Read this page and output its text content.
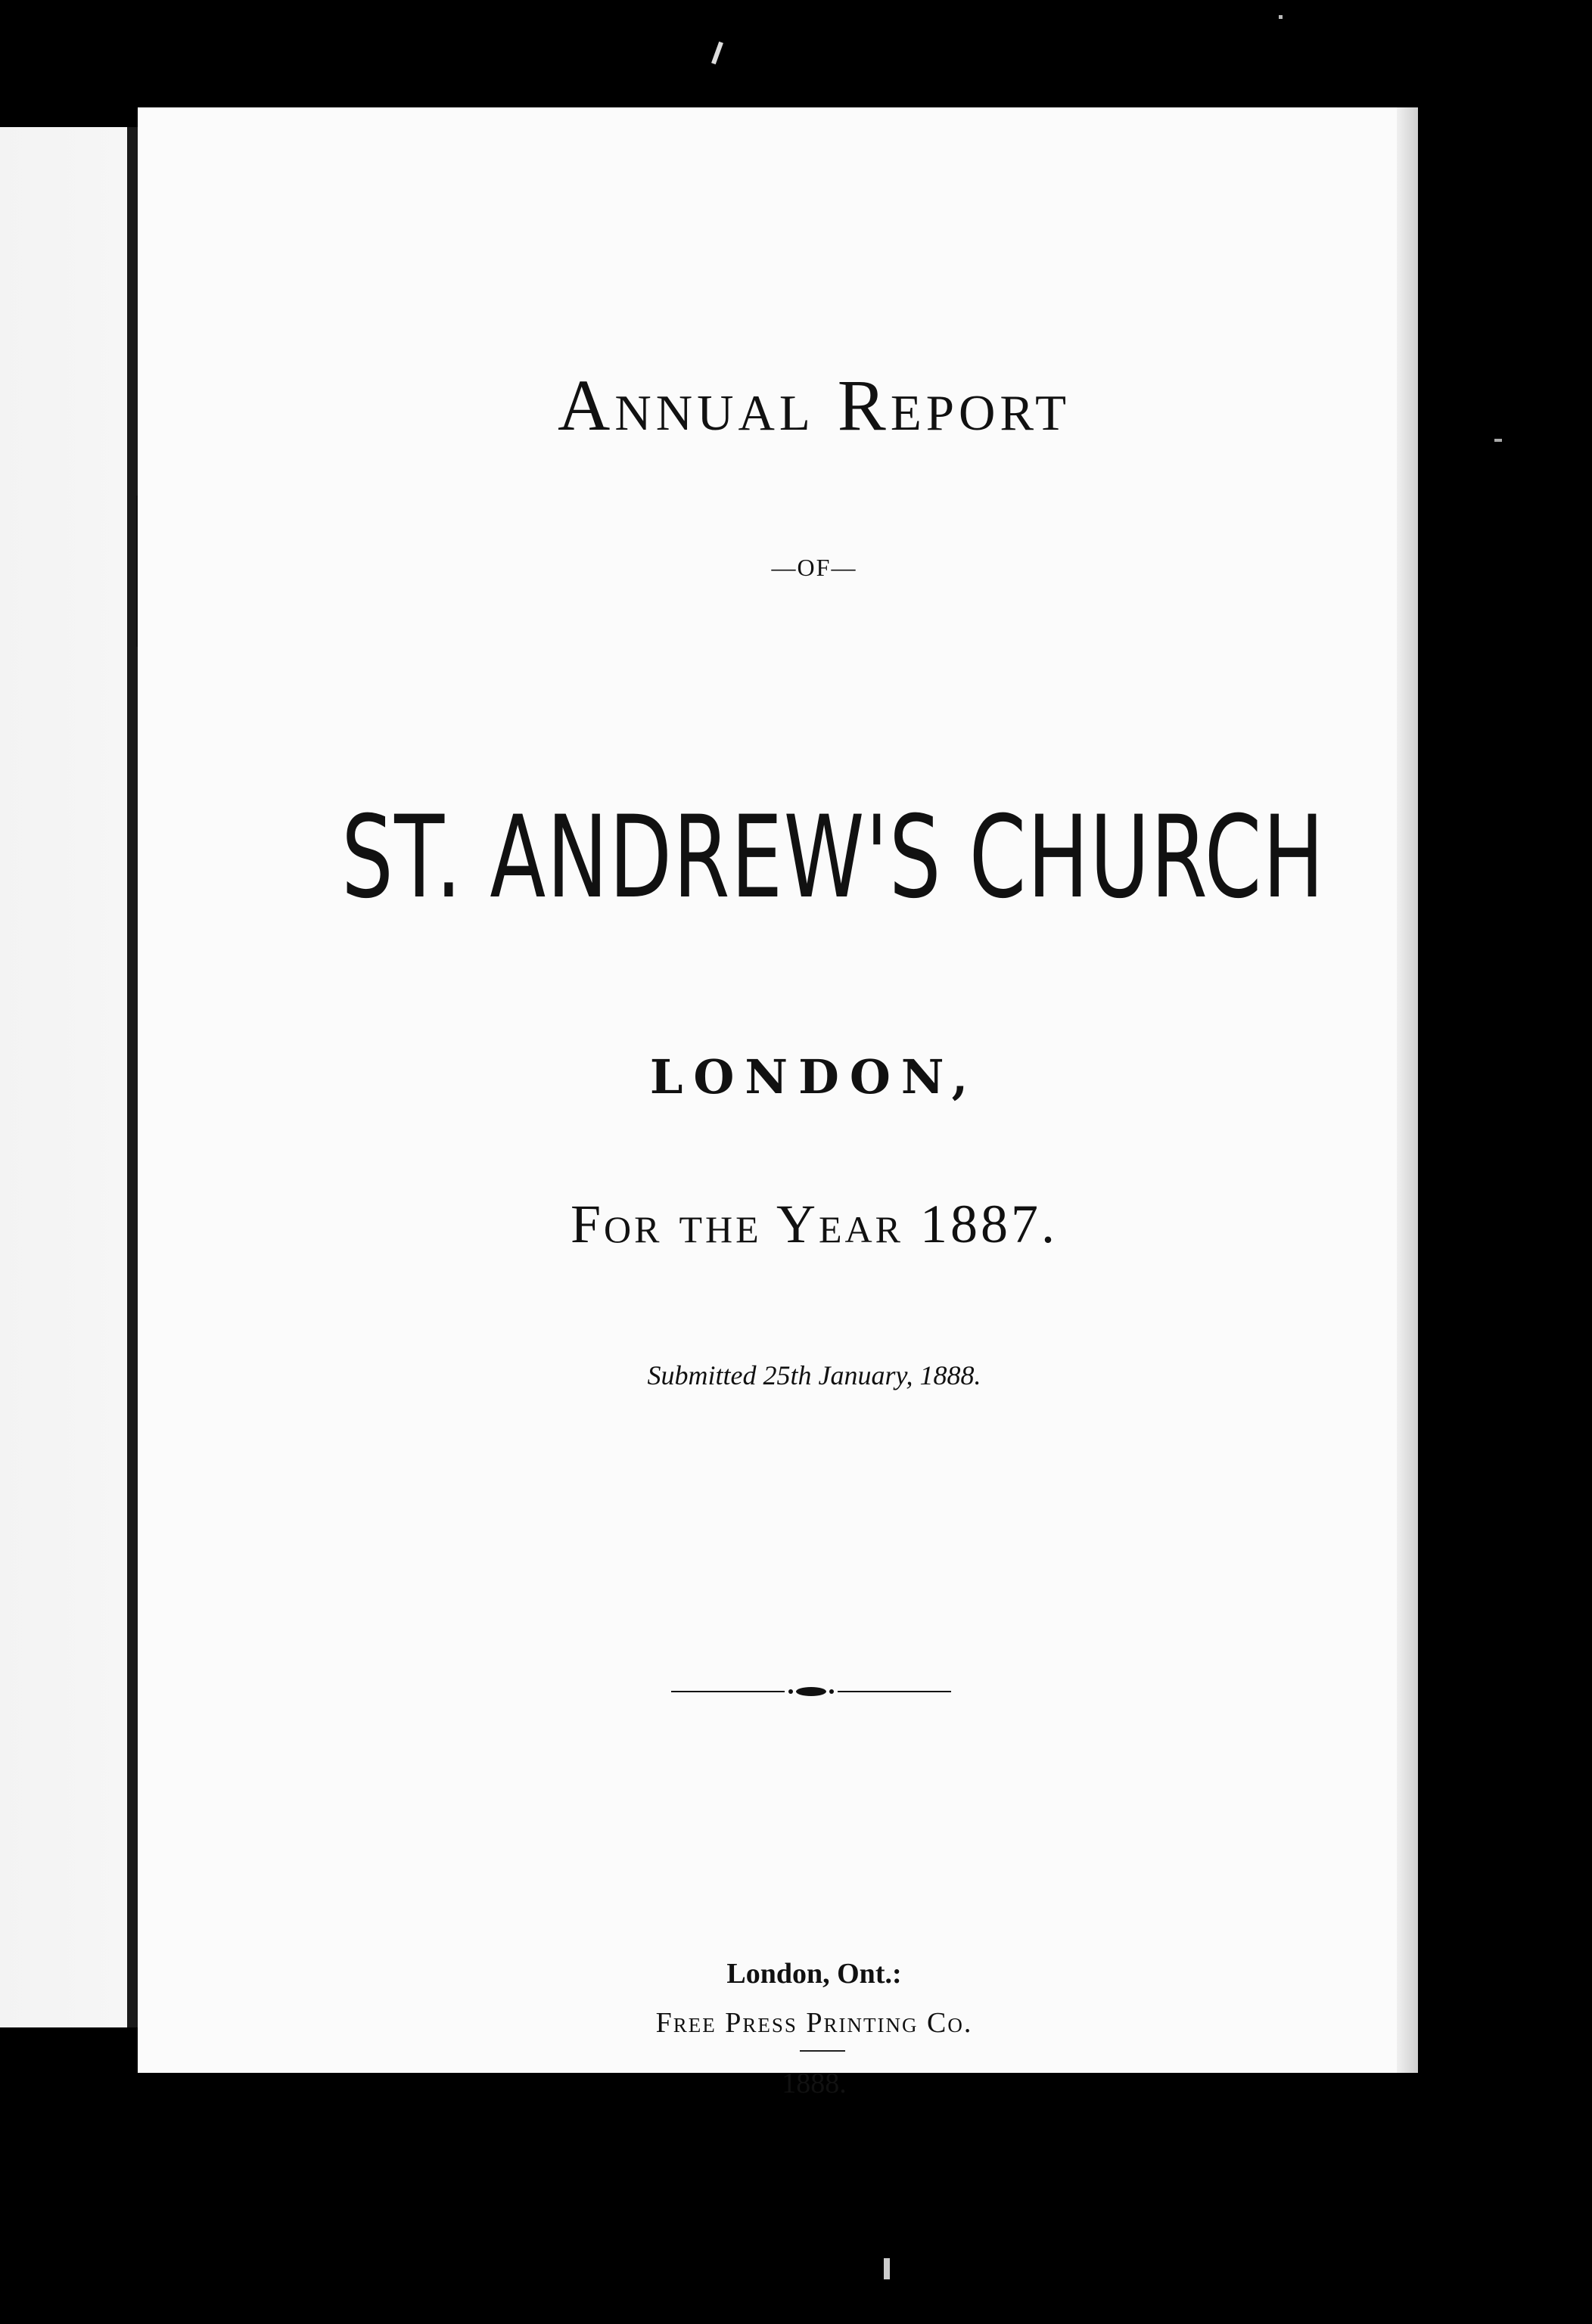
Annual Report
—OF—
ST. ANDREW'S CHURCH
LONDON,
For the Year 1887.
Submitted 25th January, 1888.
London, Ont.:
Free Press Printing Co.
1888.
